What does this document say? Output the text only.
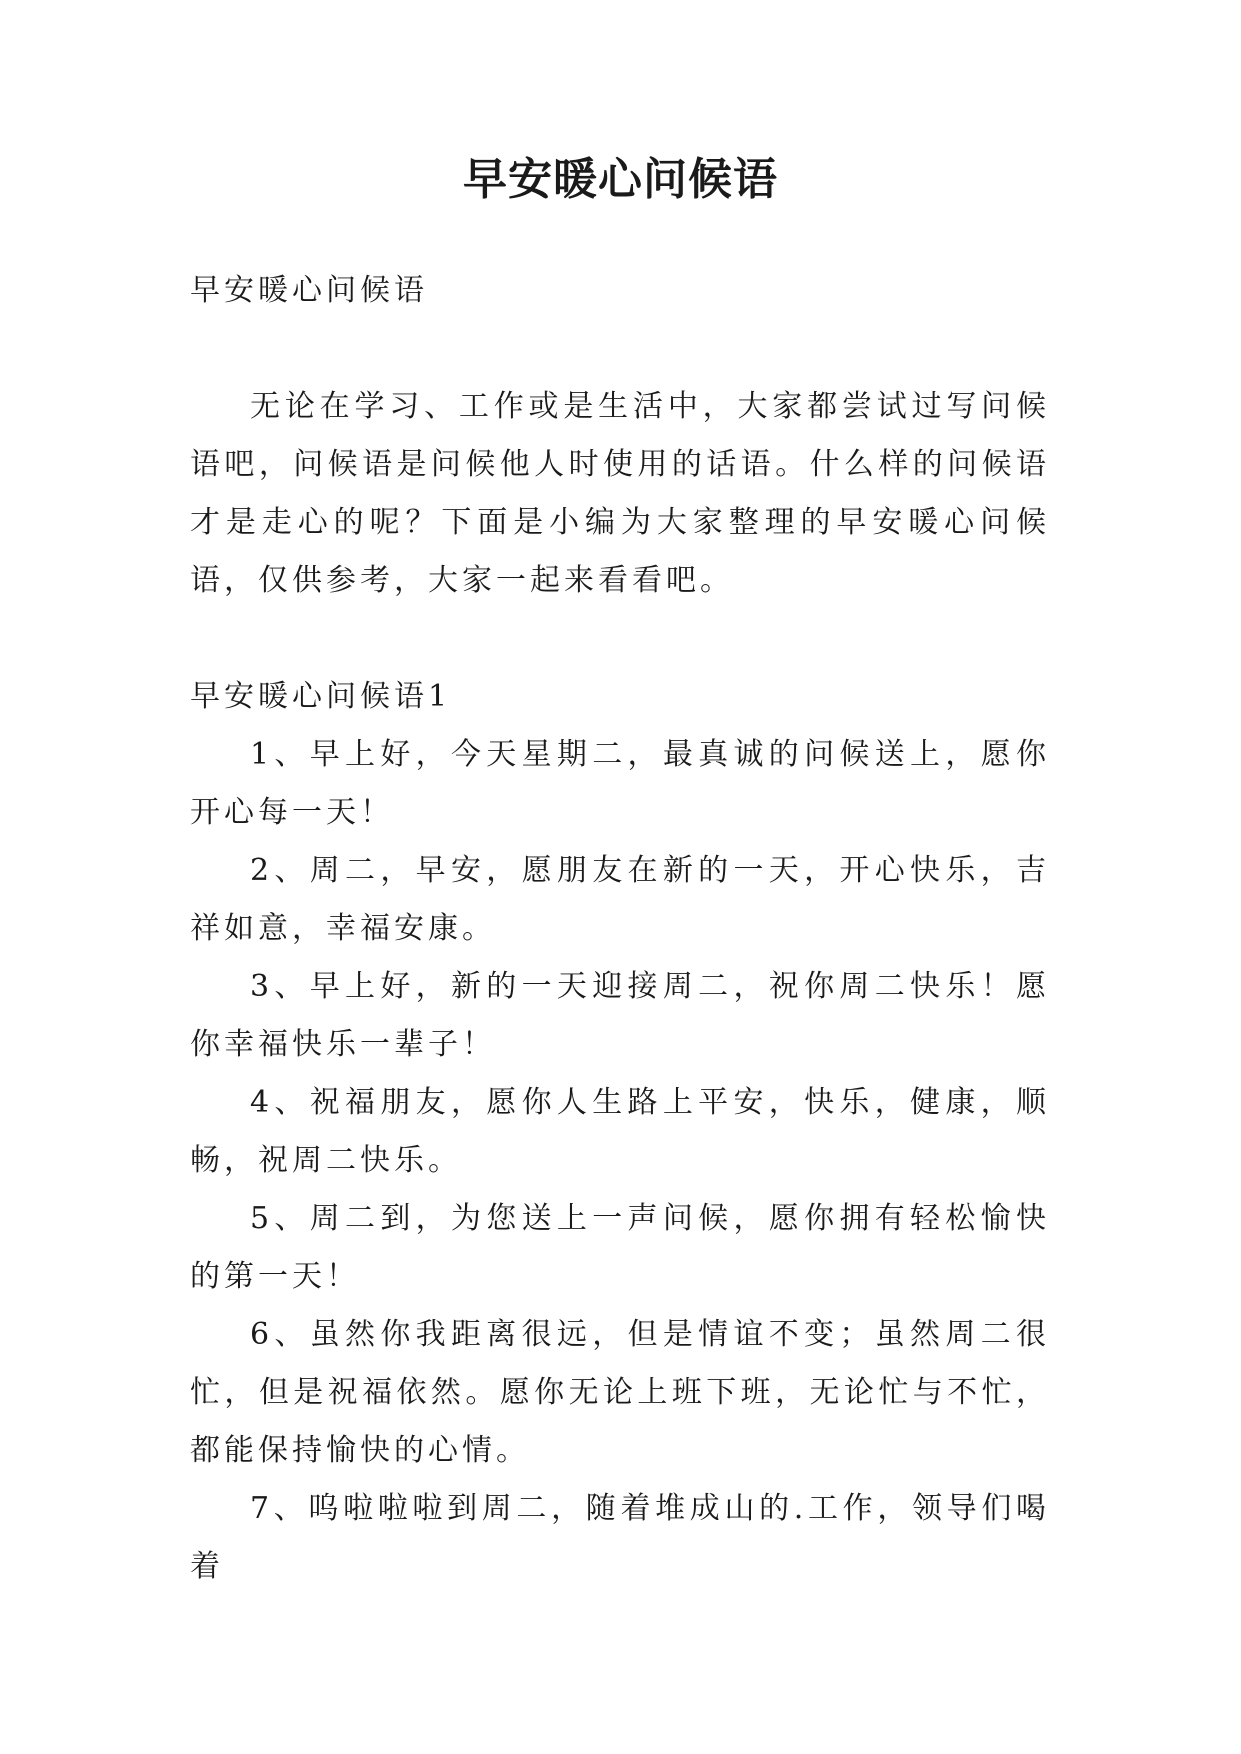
早安暖心问候语

早安暖心问候语

无论在学习、工作或是生活中，大家都尝试过写问候语吧，问候语是问候他人时使用的话语。什么样的问候语才是走心的呢？下面是小编为大家整理的早安暖心问候语，仅供参考，大家一起来看看吧。

早安暖心问候语1

1、早上好，今天星期二，最真诚的问候送上，愿你开心每一天！

2、周二，早安，愿朋友在新的一天，开心快乐，吉祥如意，幸福安康。

3、早上好，新的一天迎接周二，祝你周二快乐！愿你幸福快乐一辈子！

4、祝福朋友，愿你人生路上平安，快乐，健康，顺畅，祝周二快乐。

5、周二到，为您送上一声问候，愿你拥有轻松愉快的第一天！

6、虽然你我距离很远，但是情谊不变；虽然周二很忙，但是祝福依然。愿你无论上班下班，无论忙与不忙，都能保持愉快的心情。

7、呜啦啦啦到周二，随着堆成山的.工作，领导们喝着
